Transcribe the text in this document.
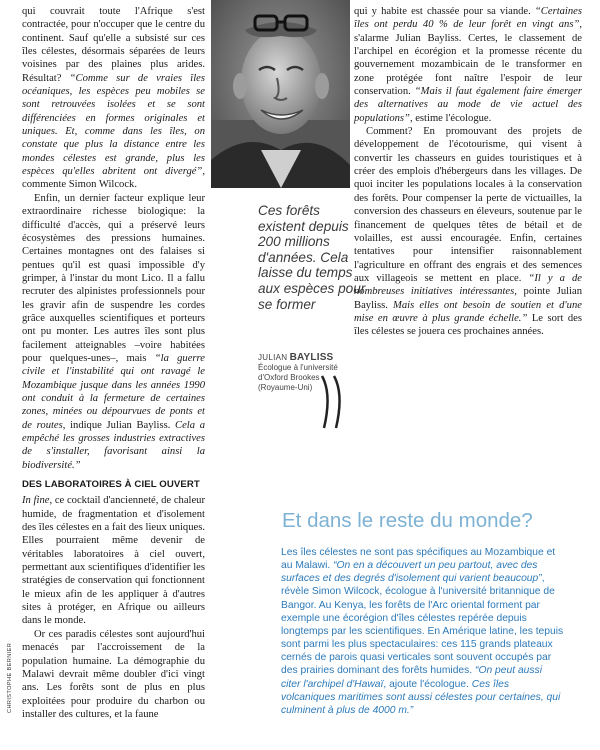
qui couvrait toute l'Afrique s'est contractée, pour n'occuper que le centre du continent. Sauf qu'elle a subsisté sur ces îles célestes, désormais séparées de leurs voisines par des plaines plus arides. Résultat? “Comme sur de vraies îles océaniques, les espèces peu mobiles se sont retrouvées isolées et se sont différenciées en formes originales et uniques. Et, comme dans les îles, on constate que plus la distance entre les mondes célestes est grande, plus les espèces qu'elles abritent ont divergé”, commente Simon Wilcock.

Enfin, un dernier facteur explique leur extraordinaire richesse biologique: la difficulté d'accès, qui a préservé leurs écosystèmes des pressions humaines. Certaines montagnes ont des falaises si pentues qu'il est quasi impossible d'y grimper, à l'instar du mont Lico. Il a fallu recruter des alpinistes professionnels pour les gravir afin de suspendre les cordes grâce auxquelles scientifiques et porteurs ont pu monter. Les autres îles sont plus facilement atteignables –voire habitées pour quelques-unes–, mais “la guerre civile et l'instabilité qui ont ravagé le Mozambique jusque dans les années 1990 ont conduit à la fermeture de certaines zones, minées ou dépourvues de ponts et de routes, indique Julian Bayliss. Cela a empêché les grosses industries extractives de s'installer, favorisant ainsi la biodiversité.”

DES LABORATOIRES À CIEL OUVERT

In fine, ce cocktail d'ancienneté, de chaleur humide, de fragmentation et d'isolement des îles célestes en a fait des lieux uniques. Elles pourraient même devenir de véritables laboratoires à ciel ouvert, permettant aux scientifiques d'identifier les stratégies de conservation qui fonctionnent le mieux afin de les appliquer à d'autres sites à protéger, en Afrique ou ailleurs dans le monde.

Or ces paradis célestes sont aujourd'hui menacés par l'accroissement de la population humaine. La démographie du Malawi devrait même doubler d'ici vingt ans. Les forêts sont de plus en plus exploitées pour produire du charbon ou installer des cultures, et la faune

Ces forêts existent depuis 200 millions d'années. Cela laisse du temps aux espèces pour se former
JULIAN BAYLISS
Écologue à l'université d'Oxford Brookes (Royaume-Uni)
CHRISTOPHE BERNIER

qui y habite est chassée pour sa viande. “Certaines îles ont perdu 40 % de leur forêt en vingt ans”, s'alarme Julian Bayliss. Certes, le classement de l'archipel en écorégion et la promesse récente du gouvernement mozambicain de le transformer en zone protégée font naître l'espoir de leur conservation. “Mais il faut également faire émerger des alternatives au mode de vie actuel des populations”, estime l'écologue.

Comment? En promouvant des projets de développement de l'écotourisme, qui visent à convertir les chasseurs en guides touristiques et à créer des emplois d'hébergeurs dans les villages. De quoi inciter les populations locales à la conservation des forêts. Pour compenser la perte de victuailles, la conversion des chasseurs en éleveurs, soutenue par le financement de quelques têtes de bétail et de volailles, est aussi encouragée. Enfin, certaines tentatives pour intensifier raisonnablement l'agriculture en offrant des engrais et des semences aux villageois se mettent en place. “Il y a de nombreuses initiatives intéressantes, pointe Julian Bayliss. Mais elles ont besoin de soutien et d'une mise en œuvre à plus grande échelle.” Le sort des îles célestes se jouera ces prochaines années.

Et dans le reste du monde?

Les îles célestes ne sont pas spécifiques au Mozambique et au Malawi. “On en a découvert un peu partout, avec des surfaces et des degrés d'isolement qui varient beaucoup”, révèle Simon Wilcock, écologue à l'université britannique de Bangor. Au Kenya, les forêts de l'Arc oriental forment par exemple une écorégion d'îles célestes repérée depuis longtemps par les scientifiques. En Amérique latine, les tepuis sont parmi les plus spectaculaires: ces 115 grands plateaux cernés de parois quasi verticales sont souvent occupés par des prairies dominant des forêts humides. “On peut aussi citer l'archipel d'Hawaï, ajoute l'écologue. Ces îles volcaniques maritimes sont aussi célestes pour certaines, qui culminent à plus de 4000 m.”
